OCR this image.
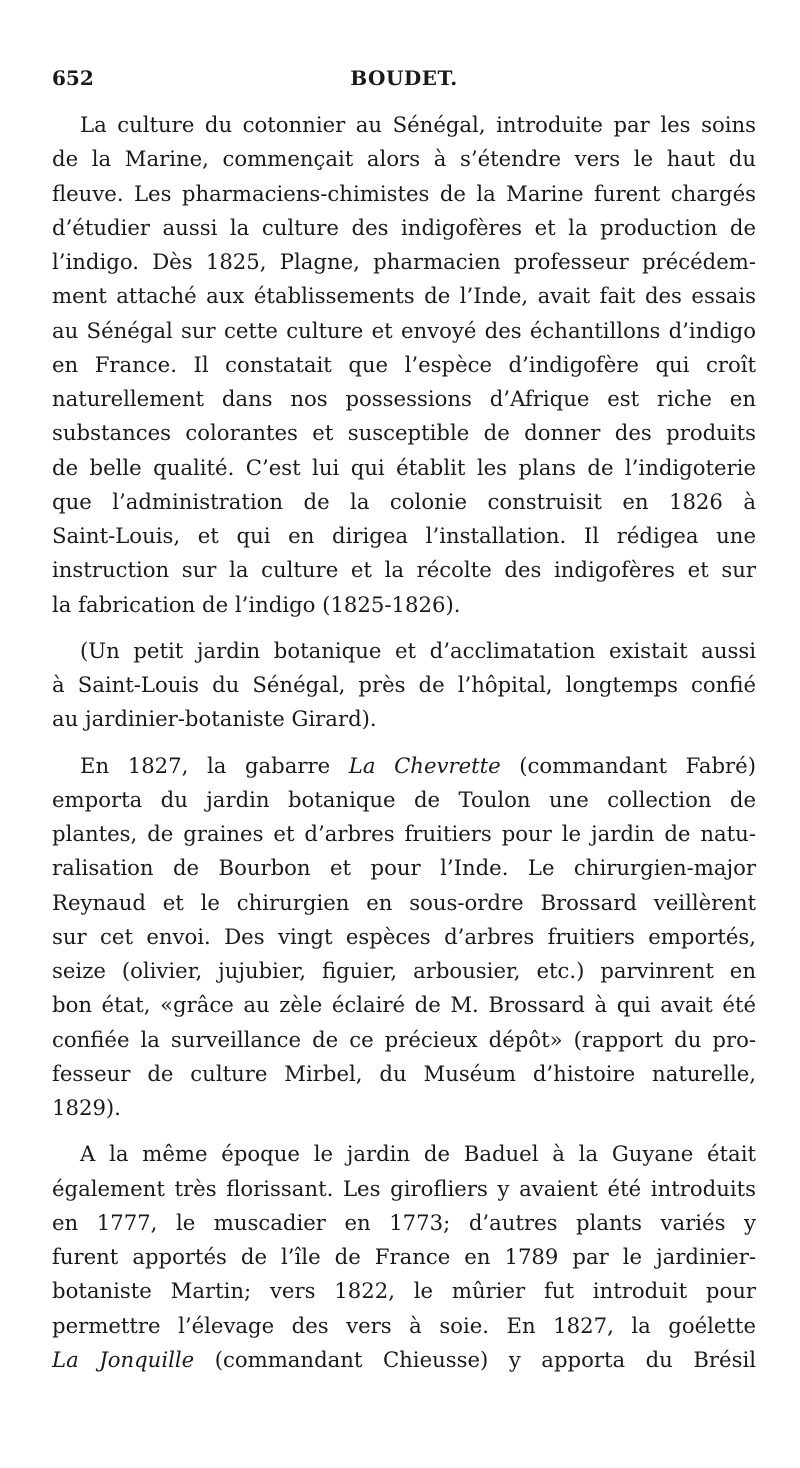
652	BOUDET.
La culture du cotonnier au Sénégal, introduite par les soins
de la Marine, commençait alors à s’étendre vers le haut du
fleuve. Les pharmaciens-chimistes de la Marine furent chargés
d’étudier aussi la culture des indigofères et la production de
l’indigo. Dès 1825, Plagne, pharmacien professeur précédem-
ment attaché aux établissements de l’Inde, avait fait des essais
au Sénégal sur cette culture et envoyé des échantillons d’indigo
en France. Il constatait que l’espèce d’indigofère qui croît
naturellement dans nos possessions d’Afrique est riche en
substances colorantes et susceptible de donner des produits
de belle qualité. C’est lui qui établit les plans de l’indigoterie
que l’administration de la colonie construisit en 1826 à
Saint-Louis, et qui en dirigea l’installation. Il rédigea une
instruction sur la culture et la récolte des indigofères et sur
la fabrication de l’indigo (1825-1826).
(Un petit jardin botanique et d’acclimatation existait aussi
à Saint-Louis du Sénégal, près de l’hôpital, longtemps confié
au jardinier-botaniste Girard).
En 1827, la gabarre La Chevrette (commandant Fabré)
emporta du jardin botanique de Toulon une collection de
plantes, de graines et d’arbres fruitiers pour le jardin de natu-
ralisation de Bourbon et pour l’Inde. Le chirurgien-major
Reynaud et le chirurgien en sous-ordre Brossard veillèrent
sur cet envoi. Des vingt espèces d’arbres fruitiers emportés,
seize (olivier, jujubier, figuier, arbousier, etc.) parvinrent en
bon état, «grâce au zèle éclairé de M. Brossard à qui avait été
confiée la surveillance de ce précieux dépôt» (rapport du pro-
fesseur de culture Mirbel, du Muséum d’histoire naturelle,
1829).
A la même époque le jardin de Baduel à la Guyane était
également très florissant. Les girofliers y avaient été introduits
en 1777, le muscadier en 1773; d’autres plants variés y
furent apportés de l’île de France en 1789 par le jardinier-
botaniste Martin; vers 1822, le mûrier fut introduit pour
permettre l’élevage des vers à soie. En 1827, la goélette
La Jonquille (commandant Chieusse) y apporta du Brésil
